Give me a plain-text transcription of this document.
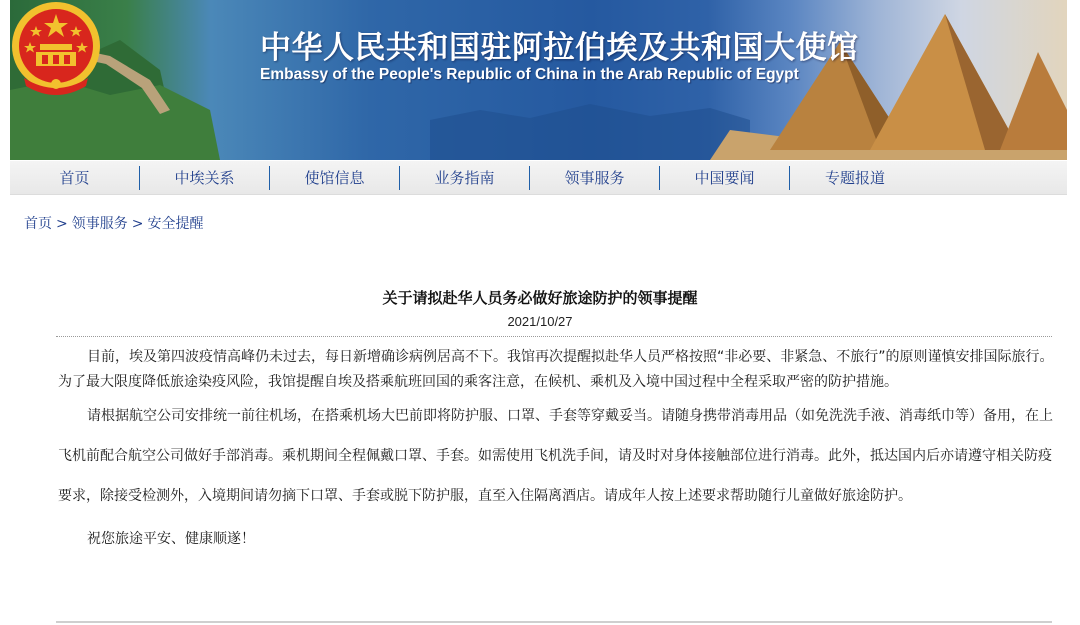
中华人民共和国驻阿拉伯埃及共和国大使馆

Embassy of the People's Republic of China in the Arab Republic of Egypt

首页	中埃关系	使馆信息	业务指南	领事服务	中国要闻	专题报道
首页 > 领事服务 > 安全提醒
关于请拟赴华人员务必做好旅途防护的领事提醒
2021/10/27

目前，埃及第四波疫情高峰仍未过去，每日新增确诊病例居高不下。我馆再次提醒拟赴华人员严格按照“非必要、非紧急、不旅行”的原则谨慎安排国际旅行。为了最大限度降低旅途染疫风险，我馆提醒自埃及搭乘航班回国的乘客注意，在候机、乘机及入境中国过程中全程采取严密的防护措施。

请根据航空公司安排统一前往机场，在搭乘机场大巴前即将防护服、口罩、手套等穿戴妥当。请随身携带消毒用品（如免洗洗手液、消毒纸巾等）备用，在上飞机前配合航空公司做好手部消毒。乘机期间全程佩戴口罩、手套。如需使用飞机洗手间，请及时对身体接触部位进行消毒。此外，抵达国内后亦请遵守相关防疫要求，除接受检测外，入境期间请勿摘下口罩、手套或脱下防护服，直至入住隔离酒店。请成年人按上述要求帮助随行儿童做好旅途防护。

祝您旅途平安、健康顺遂！
